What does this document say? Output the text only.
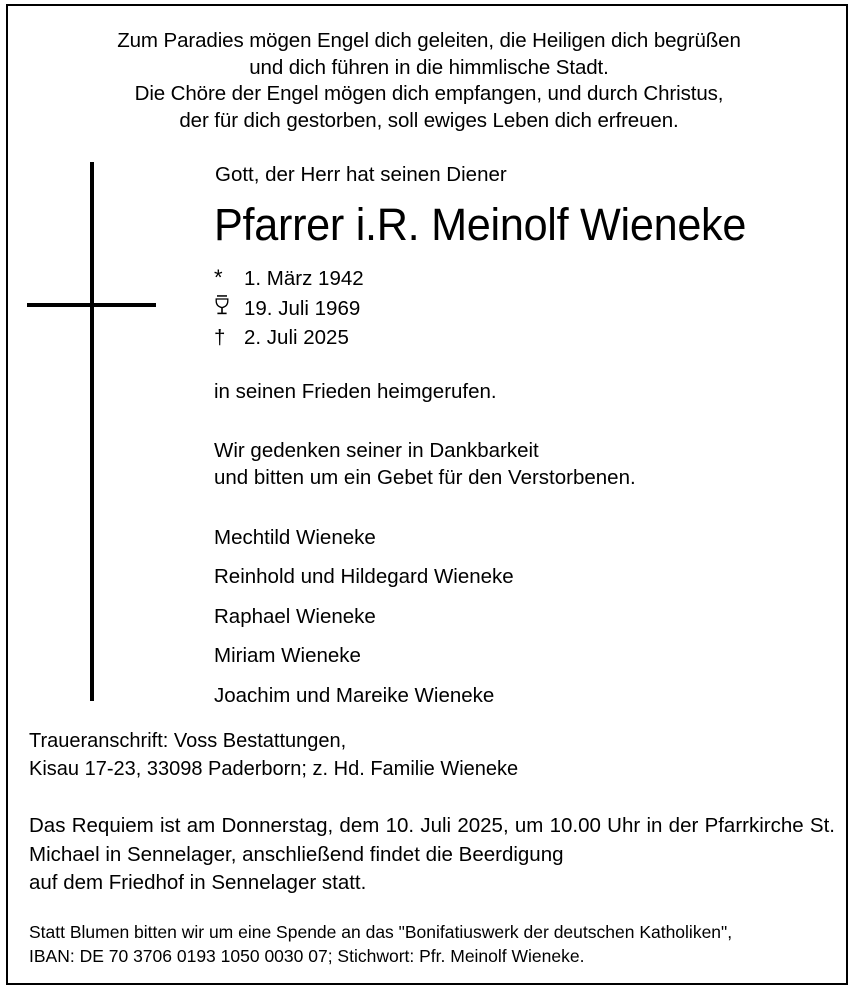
Zum Paradies mögen Engel dich geleiten, die Heiligen dich begrüßen
und dich führen in die himmlische Stadt.
Die Chöre der Engel mögen dich empfangen, und durch Christus,
der für dich gestorben, soll ewiges Leben dich erfreuen.
Gott, der Herr hat seinen Diener
Pfarrer i.R. Meinolf Wieneke
*	1. März 1942
19. Juli 1969
† 2. Juli 2025
in seinen Frieden heimgerufen.
Wir gedenken seiner in Dankbarkeit
und bitten um ein Gebet für den Verstorbenen.
Mechtild Wieneke
Reinhold und Hildegard Wieneke
Raphael Wieneke
Miriam Wieneke
Joachim und Mareike Wieneke
Traueranschrift: Voss Bestattungen,
Kisau 17-23, 33098 Paderborn; z. Hd. Familie Wieneke
Das Requiem ist am Donnerstag, dem 10. Juli 2025, um 10.00 Uhr in der Pfarrkirche St. Michael in Sennelager, anschließend findet die Beerdigung
auf dem Friedhof in Sennelager statt.
Statt Blumen bitten wir um eine Spende an das "Bonifatiuswerk der deutschen Katholiken",
IBAN: DE 70 3706 0193 1050 0030 07; Stichwort: Pfr. Meinolf Wieneke.
